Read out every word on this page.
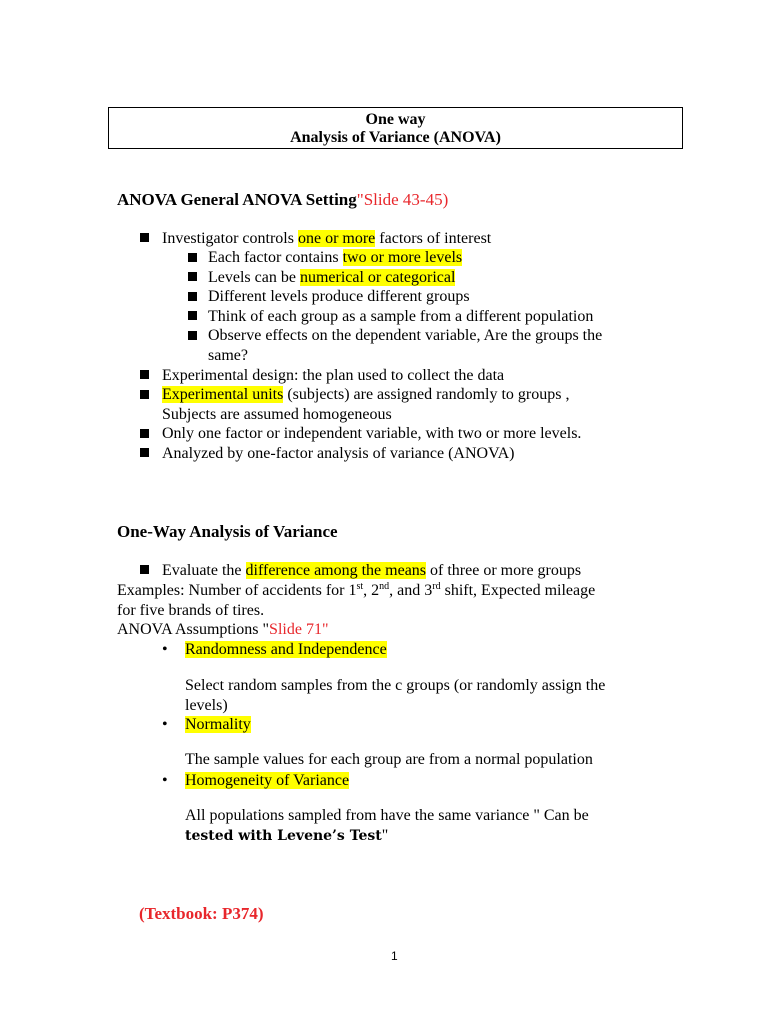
One way
Analysis of Variance (ANOVA)
ANOVA General ANOVA Setting"Slide 43-45)
Investigator controls one or more factors of interest
Each factor contains two or more levels
Levels can be numerical or categorical
Different levels produce different groups
Think of each group as a sample from a different population
Observe effects on the dependent variable, Are the groups the
same?
Experimental design: the plan used to collect the data
Experimental units (subjects) are assigned randomly to groups ,
Subjects are assumed homogeneous
Only one factor or independent variable, with two or more levels.
Analyzed by one-factor analysis of variance (ANOVA)
One-Way Analysis of Variance
Evaluate the difference among the means of three or more groups
Examples: Number of accidents for 1st, 2nd, and 3rd shift, Expected mileage
for five brands of tires.
ANOVA Assumptions "Slide 71"
• Randomness and Independence
Select random samples from the c groups (or randomly assign the
levels)
• Normality
The sample values for each group are from a normal population
• Homogeneity of Variance
All populations sampled from have the same variance " Can be
tested with Levene’s Test"
(Textbook: P374)
1
